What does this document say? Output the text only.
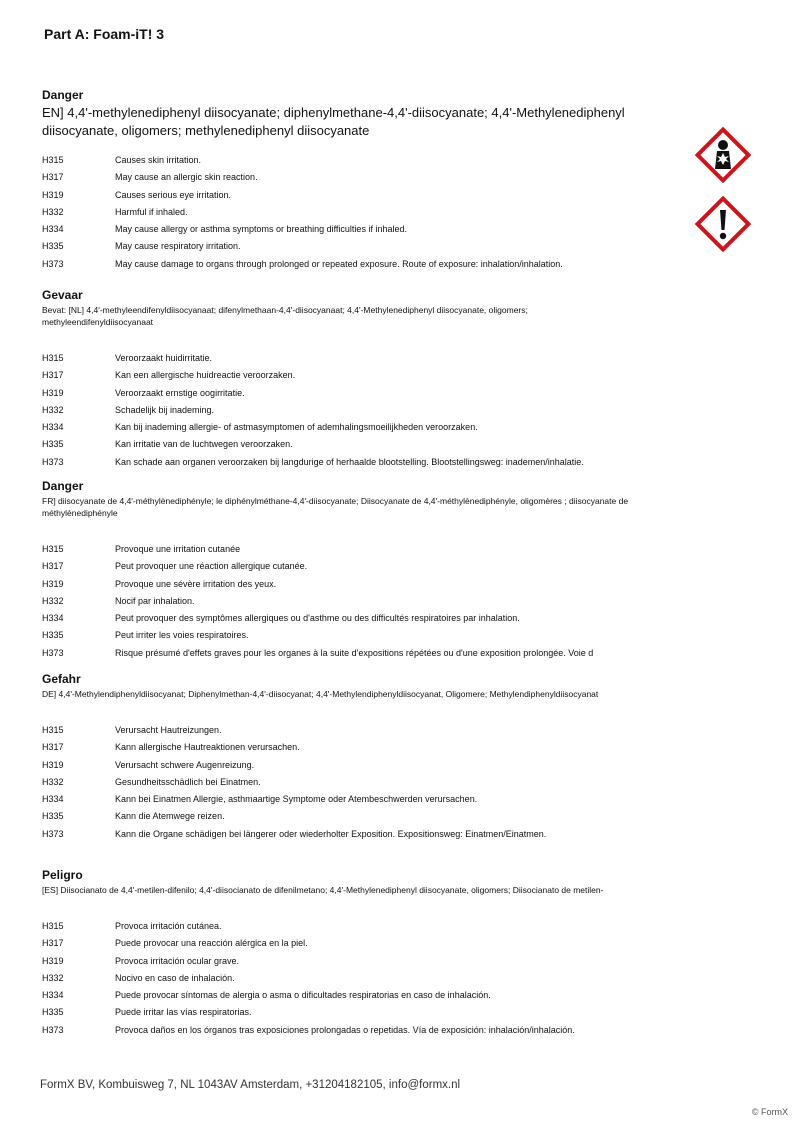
Part A: Foam-iT! 3
Danger
EN] 4,4'-methylenediphenyl diisocyanate; diphenylmethane-4,4'-diisocyanate; 4,4'-Methylenediphenyl diisocyanate, oligomers; methylenediphenyl diisocyanate
H315	Causes skin irritation.
H317	May cause an allergic skin reaction.
H319	Causes serious eye irritation.
H332	Harmful if inhaled.
H334	May cause allergy or asthma symptoms or breathing difficulties if inhaled.
H335	May cause respiratory irritation.
H373	May cause damage to organs through prolonged or repeated exposure. Route of exposure: inhalation/inhalation.
Gevaar
Bevat: [NL] 4,4'-methyleendifenyldiisocyanaat; difenylmethaan-4,4'-diisocyanaat; 4,4'-Methylenediphenyl diisocyanate, oligomers; methyleendifenyldiisocyanaat
H315	Veroorzaakt huidirritatie.
H317	Kan een allergische huidreactie veroorzaken.
H319	Veroorzaakt ernstige oogirritatie.
H332	Schadelijk bij inademing.
H334	Kan bij inademing allergie- of astmasymptomen of ademhalingsmoeilijkheden veroorzaken.
H335	Kan irritatie van de luchtwegen veroorzaken.
H373	Kan schade aan organen veroorzaken bij langdurige of herhaalde blootstelling. Blootstellingsweg: inademen/inhalatie.
Danger
FR] diisocyanate de 4,4'-méthylènediphényle; le diphénylméthane-4,4'-diisocyanate; Diisocyanate de 4,4'-méthylènediphényle, oligomères ; diisocyanate de méthylènediphényle
H315	Provoque une irritation cutanée
H317	Peut provoquer une réaction allergique cutanée.
H319	Provoque une sévère irritation des yeux.
H332	Nocif par inhalation.
H334	Peut provoquer des symptômes allergiques ou d'asthme ou des difficultés respiratoires par inhalation.
H335	Peut irriter les voies respiratoires.
H373	Risque présumé d'effets graves pour les organes à la suite d'expositions répétées ou d'une exposition prolongée. Voie d
Gefahr
DE] 4,4'-Methylendiphenyldiisocyanat; Diphenylmethan-4,4'-diisocyanat; 4,4'-Methylendiphenyldiisocyanat, Oligomere; Methylendiphenyldiisocyanat
H315	Verursacht Hautreizungen.
H317	Kann allergische Hautreaktionen verursachen.
H319	Verursacht schwere Augenreizung.
H332	Gesundheitsschädlich bei Einatmen.
H334	Kann bei Einatmen Allergie, asthmaartige Symptome oder Atembeschwerden verursachen.
H335	Kann die Atemwege reizen.
H373	Kann die Organe schädigen bei längerer oder wiederholter Exposition. Expositionsweg: Einatmen/Einatmen.
Peligro
[ES] Diisocianato de 4,4'-metilen-difenilo; 4,4'-diisocianato de difenilmetano; 4,4'-Methylenediphenyl diisocyanate, oligomers; Diisocianato de metilen-
H315	Provoca irritación cutánea.
H317	Puede provocar una reacción alérgica en la piel.
H319	Provoca irritación ocular grave.
H332	Nocivo en caso de inhalación.
H334	Puede provocar síntomas de alergia o asma o dificultades respiratorias en caso de inhalación.
H335	Puede irritar las vías respiratorias.
H373	Provoca daños en los órganos tras exposiciones prolongadas o repetidas. Vía de exposición: inhalación/inhalación.
FormX BV, Kombuisweg 7, NL 1043AV Amsterdam, +31204182105, info@formx.nl
© FormX
